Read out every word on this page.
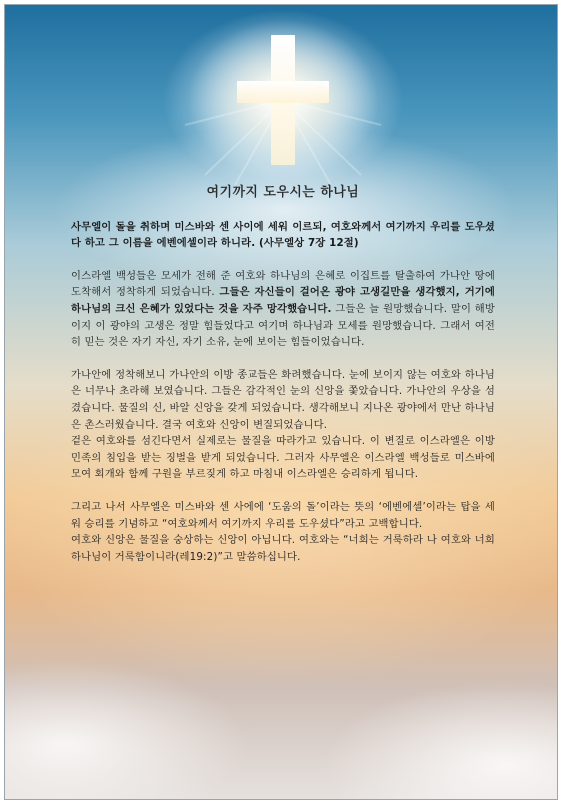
여기까지 도우시는 하나님

사무엘이 돌을 취하며 미스바와 센 사이에 세워 이르되, 여호와께서 여기까지 우리를 도우셨다 하고 그 이름을 에벤에셀이라 하니라. (사무엘상 7장 12절)

이스라엘 백성들은 모세가 전해 준 여호와 하나님의 은혜로 이집트를 탈출하여 가나안 땅에 도착해서 정착하게 되었습니다. 그들은 자신들이 걸어온 광야 고생길만을 생각했지, 거기에 하나님의 크신 은혜가 있었다는 것을 자주 망각했습니다. 그들은 늘 원망했습니다. 말이 해방이지 이 광야의 고생은 정말 힘들었다고 여기며 하나님과 모세를 원망했습니다. 그래서 여전히 믿는 것은 자기 자신, 자기 소유, 눈에 보이는 힘들이었습니다.

가나안에 정착해보니 가나안의 이방 종교들은 화려했습니다. 눈에 보이지 않는 여호와 하나님은 너무나 초라해 보였습니다. 그들은 감각적인 눈의 신앙을 쫓았습니다. 가나안의 우상을 섬겼습니다. 물질의 신, 바알 신앙을 갖게 되었습니다. 생각해보니 지나온 광야에서 만난 하나님은 촌스러웠습니다. 결국 여호와 신앙이 변질되었습니다.

겉은 여호와를 섬긴다면서 실제로는 물질을 따라가고 있습니다. 이 변질로 이스라엘은 이방 민족의 침입을 받는 징벌을 받게 되었습니다. 그러자 사무엘은 이스라엘 백성들로 미스바에 모여 회개와 함께 구원을 부르짖게 하고 마침내 이스라엘은 승리하게 됩니다.

그리고 나서 사무엘은 미스바와 센 사에에 ‘도움의 돌’이라는 뜻의 ‘에벤에셀’이라는 탑을 세워 승리를 기념하고 “여호와께서 여기까지 우리를 도우셨다”라고 고백합니다.

여호와 신앙은 물질을 숭상하는 신앙이 아닙니다. 여호와는 “너희는 거룩하라 나 여호와 너희 하나님이 거룩함이니라(레19:2)”고 말씀하십니다.
